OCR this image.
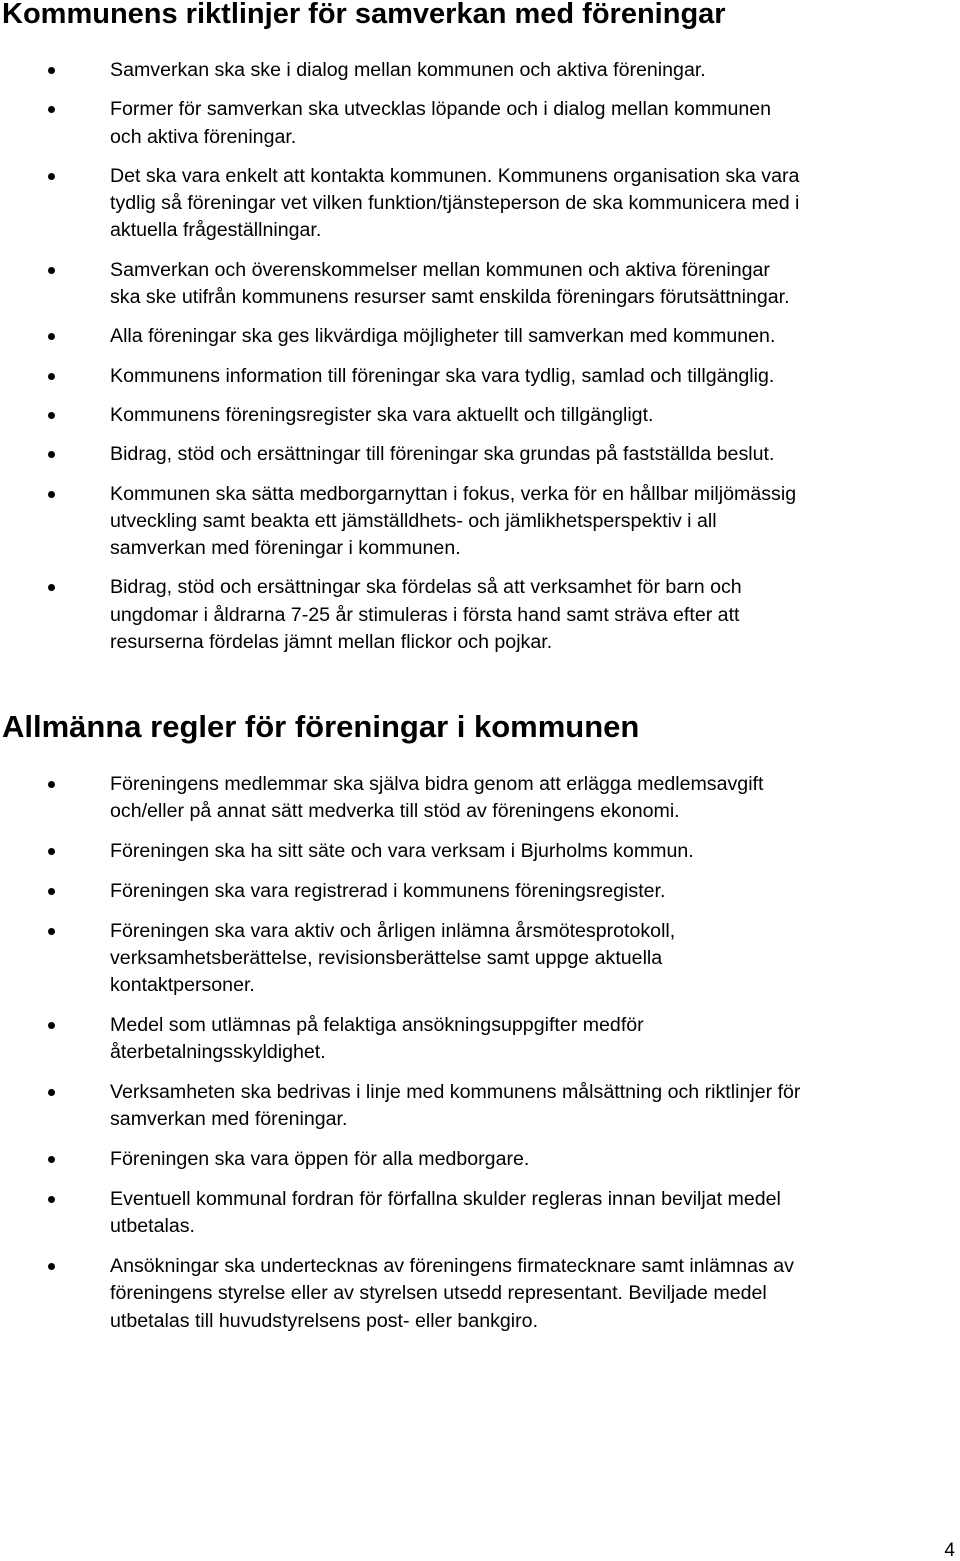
Kommunens riktlinjer för samverkan med föreningar
Samverkan ska ske i dialog mellan kommunen och aktiva föreningar.
Former för samverkan ska utvecklas löpande och i dialog mellan kommunen
och aktiva föreningar.
Det ska vara enkelt att kontakta kommunen. Kommunens organisation ska vara
tydlig så föreningar vet vilken funktion/tjänsteperson de ska kommunicera med i
aktuella frågeställningar.
Samverkan och överenskommelser mellan kommunen och aktiva föreningar
ska ske utifrån kommunens resurser samt enskilda föreningars förutsättningar.
Alla föreningar ska ges likvärdiga möjligheter till samverkan med kommunen.
Kommunens information till föreningar ska vara tydlig, samlad och tillgänglig.
Kommunens föreningsregister ska vara aktuellt och tillgängligt.
Bidrag, stöd och ersättningar till föreningar ska grundas på fastställda beslut.
Kommunen ska sätta medborgarnyttan i fokus, verka för en hållbar miljömässig
utveckling samt beakta ett jämställdhets- och jämlikhetsperspektiv i all
samverkan med föreningar i kommunen.
Bidrag, stöd och ersättningar ska fördelas så att verksamhet för barn och
ungdomar i åldrarna 7-25 år stimuleras i första hand samt sträva efter att
resurserna fördelas jämnt mellan flickor och pojkar.
Allmänna regler för föreningar i kommunen
Föreningens medlemmar ska själva bidra genom att erlägga medlemsavgift
och/eller på annat sätt medverka till stöd av föreningens ekonomi.
Föreningen ska ha sitt säte och vara verksam i Bjurholms kommun.
Föreningen ska vara registrerad i kommunens föreningsregister.
Föreningen ska vara aktiv och årligen inlämna årsmötesprotokoll,
verksamhetsberättelse, revisionsberättelse samt uppge aktuella
kontaktpersoner.
Medel som utlämnas på felaktiga ansökningsuppgifter medför
återbetalningsskyldighet.
Verksamheten ska bedrivas i linje med kommunens målsättning och riktlinjer för
samverkan med föreningar.
Föreningen ska vara öppen för alla medborgare.
Eventuell kommunal fordran för förfallna skulder regleras innan beviljat medel
utbetalas.
Ansökningar ska undertecknas av föreningens firmatecknare samt inlämnas av
föreningens styrelse eller av styrelsen utsedd representant. Beviljade medel
utbetalas till huvudstyrelsens post- eller bankgiro.
4
